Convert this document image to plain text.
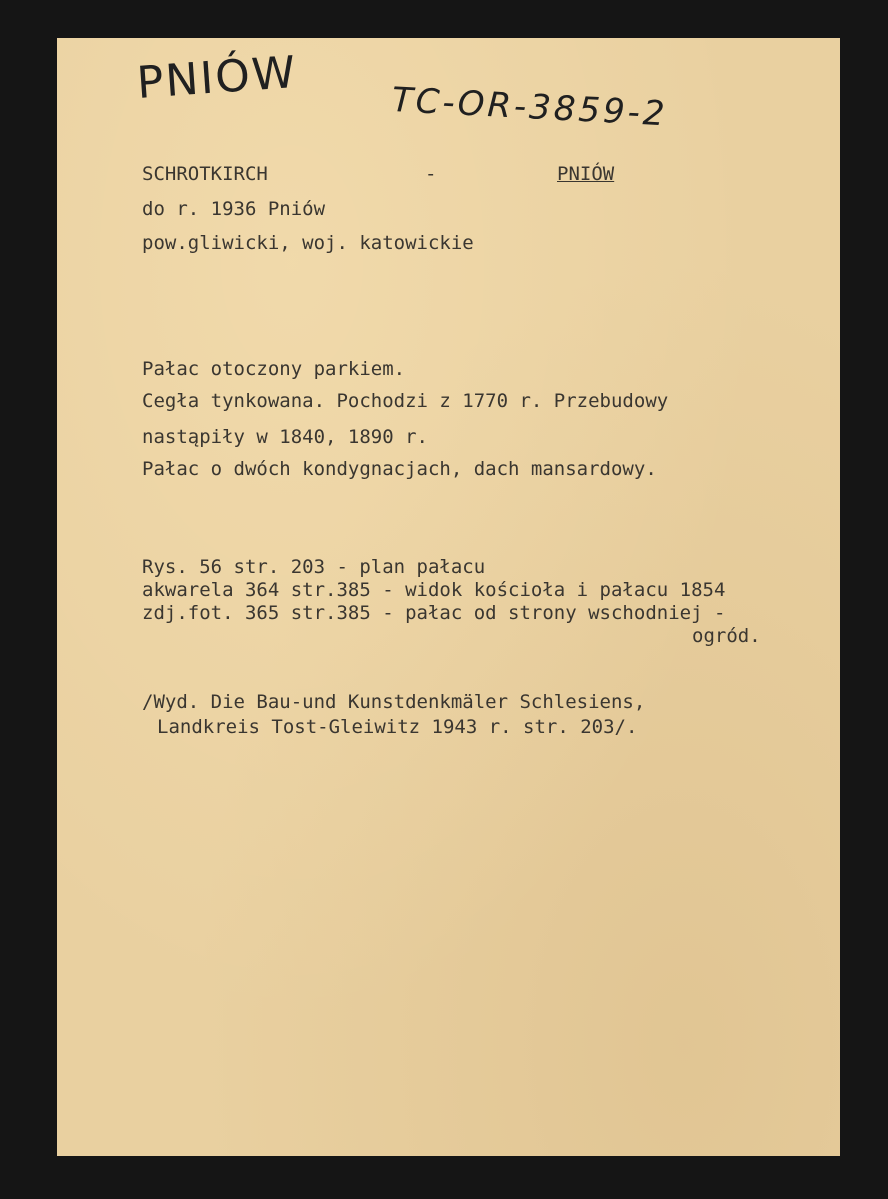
PNIÓW	TC-OR-3859-2

SCHROTKIRCH	-	PNIÓW

do r. 1936 Pniów

pow.gliwicki, woj. katowickie

Pałac otoczony parkiem.

Cegła tynkowana. Pochodzi z 1770 r. Przebudowy

nastąpiły w 1840, 1890 r.

Pałac o dwóch kondygnacjach, dach mansardowy.

Rys. 56 str. 203 - plan pałacu

akwarela 364 str.385 - widok kościoła i pałacu 1854

zdj.fot. 365 str.385 - pałac od strony wschodniej -

ogród.

/Wyd. Die Bau-und Kunstdenkmäler Schlesiens,

Landkreis Tost-Gleiwitz 1943 r. str. 203/.
